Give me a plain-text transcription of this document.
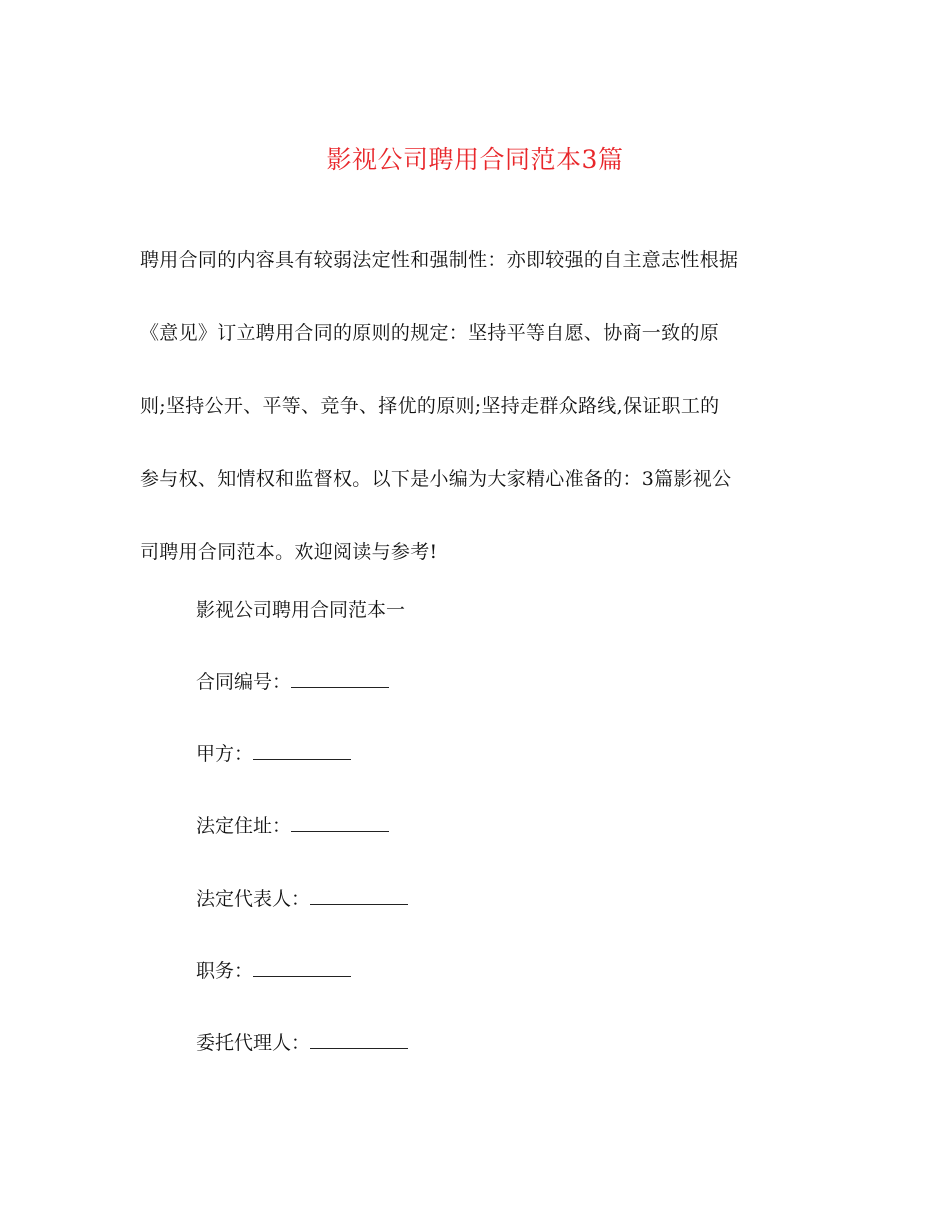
影视公司聘用合同范本3篇
聘用合同的内容具有较弱法定性和强制性：亦即较强的自主意志性根据
《意见》订立聘用合同的原则的规定：坚持平等自愿、协商一致的原
则;坚持公开、平等、竞争、择优的原则;坚持走群众路线,保证职工的
参与权、知情权和监督权。以下是小编为大家精心准备的：3篇影视公
司聘用合同范本。欢迎阅读与参考!
影视公司聘用合同范本一
合同编号：
甲方：
法定住址：
法定代表人：
职务：
委托代理人：
